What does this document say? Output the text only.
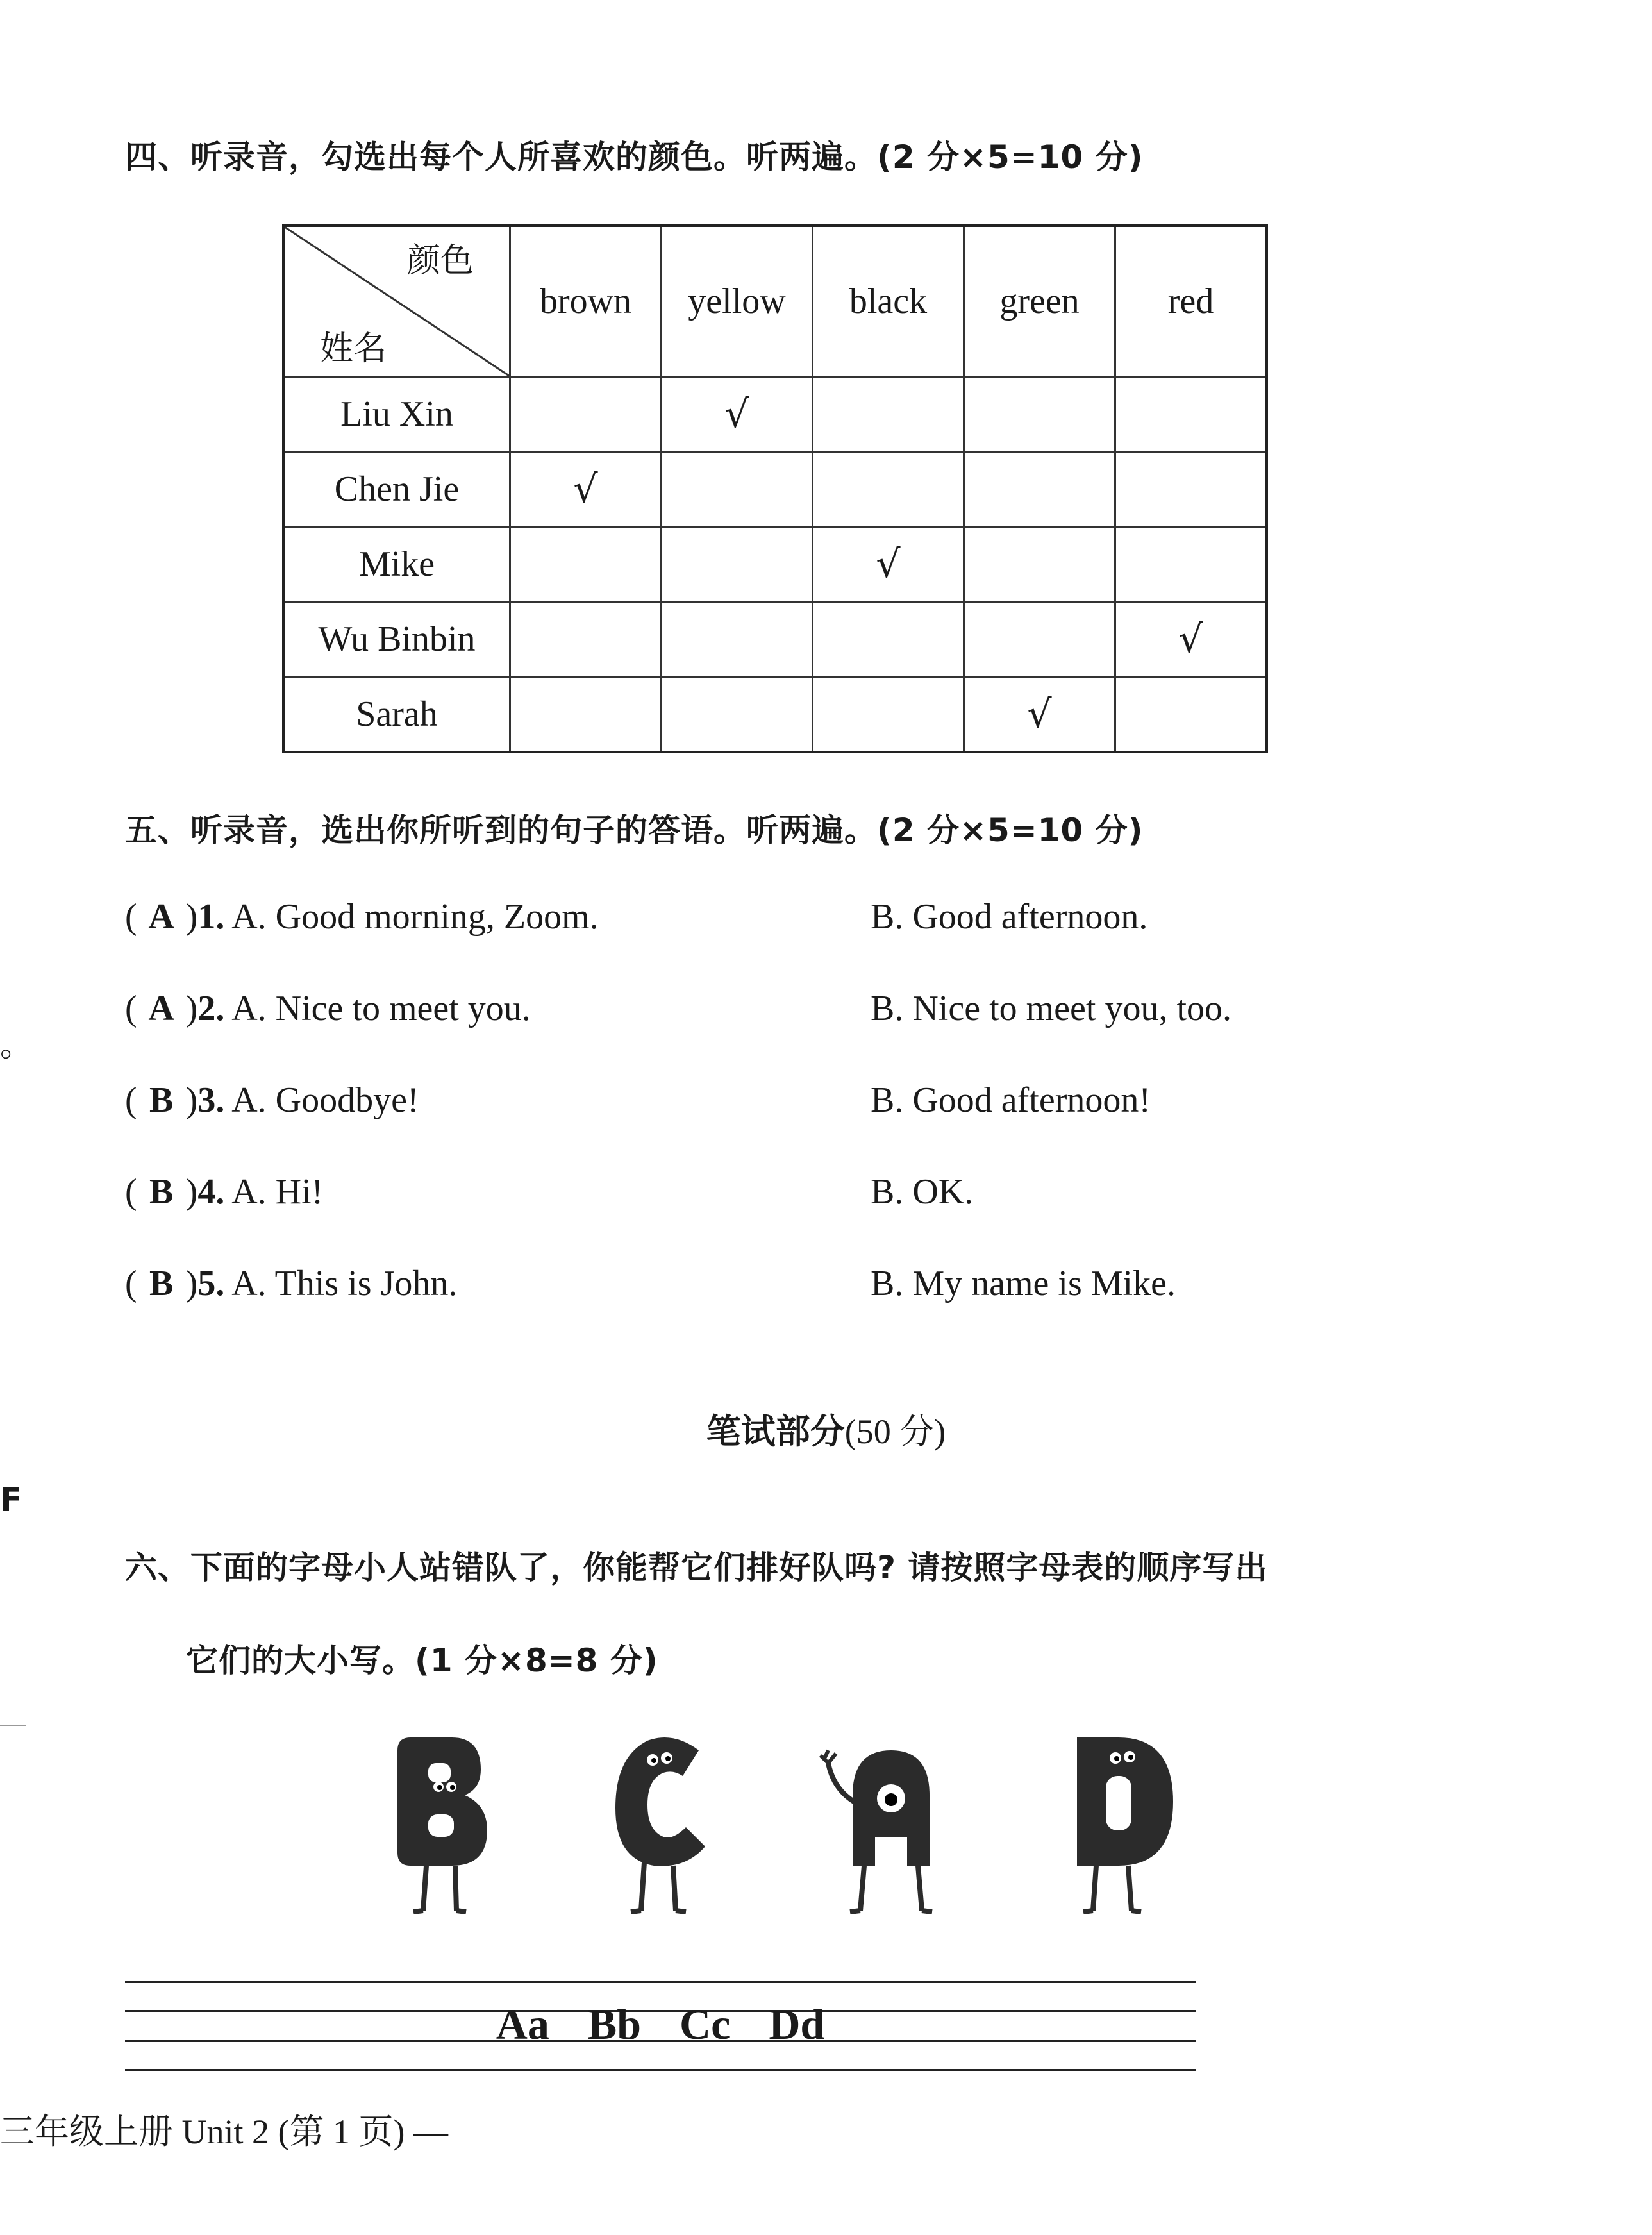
四、听录音，勾选出每个人所喜欢的颜色。听两遍。(2 分×5=10 分)
颜色
姓名	brown	yellow	black	green	red
Liu Xin		√			
Chen Jie	√				
Mike			√		
Wu Binbin					√
Sarah				√	
五、听录音，选出你所听到的句子的答语。听两遍。(2 分×5=10 分)
( A )1. A. Good morning, Zoom.	B. Good afternoon.
( A )2. A. Nice to meet you.	B. Nice to meet you, too.
( B )3. A. Goodbye!	B. Good afternoon!
( B )4. A. Hi!	B. OK.
( B )5. A. This is John.	B. My name is Mike.
笔试部分(50 分)
六、下面的字母小人站错队了，你能帮它们排好队吗? 请按照字母表的顺序写出
它们的大小写。(1 分×8=8 分)
Aa Bb Cc Dd
三年级上册 Unit 2 (第 1 页) —
。
F
